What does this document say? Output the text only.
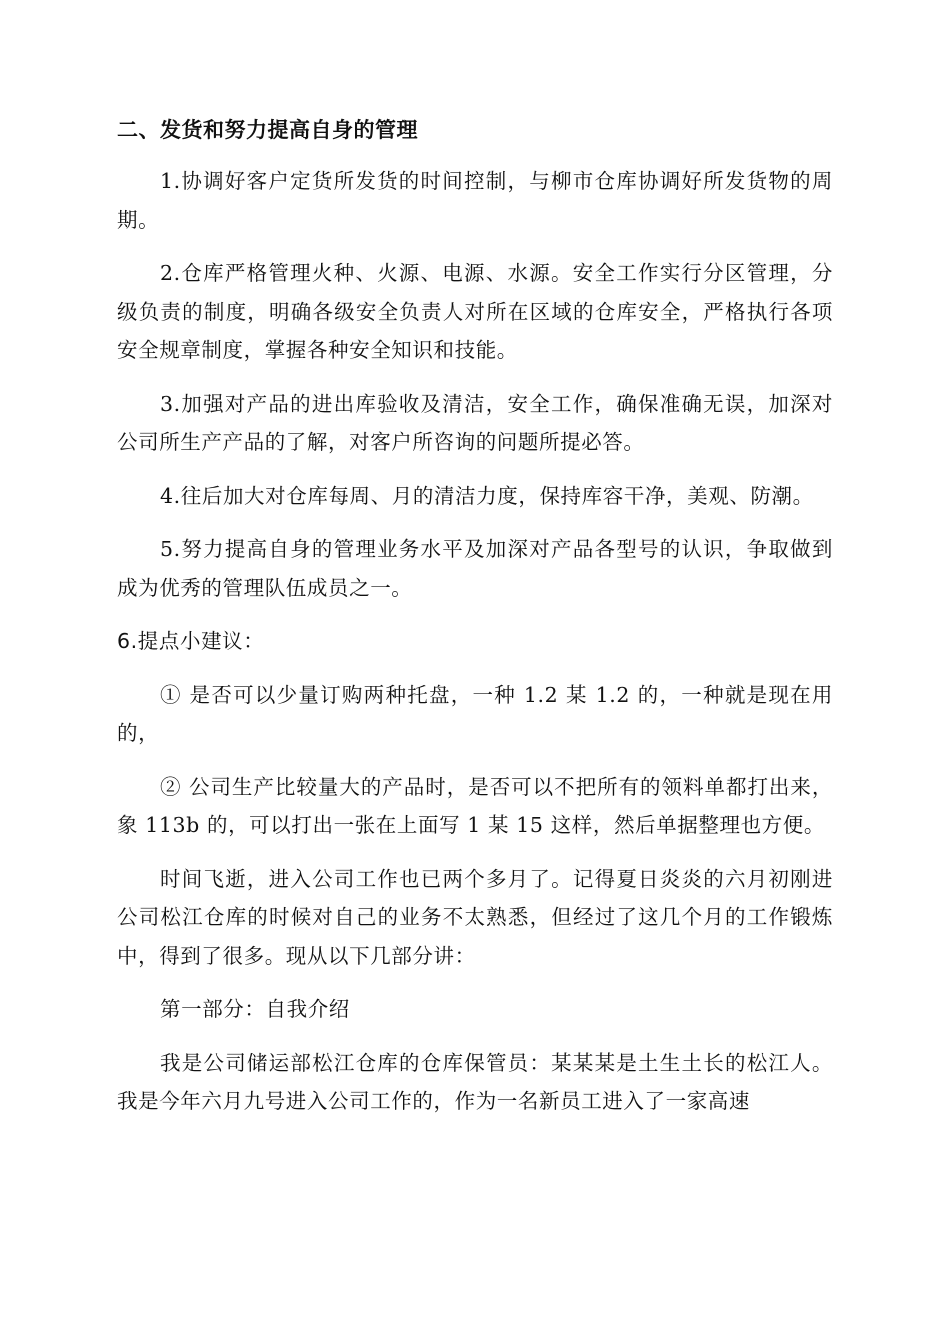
二、发货和努力提高自身的管理

1.协调好客户定货所发货的时间控制，与柳市仓库协调好所发货物的周期。

2.仓库严格管理火种、火源、电源、水源。安全工作实行分区管理，分级负责的制度，明确各级安全负责人对所在区域的仓库安全，严格执行各项安全规章制度，掌握各种安全知识和技能。

3.加强对产品的进出库验收及清洁，安全工作，确保准确无误，加深对公司所生产产品的了解，对客户所咨询的问题所提必答。

4.往后加大对仓库每周、月的清洁力度，保持库容干净，美观、防潮。

5.努力提高自身的管理业务水平及加深对产品各型号的认识，争取做到成为优秀的管理队伍成员之一。

6.提点小建议：

① 是否可以少量订购两种托盘，一种 1.2 某 1.2 的，一种就是现在用的，

② 公司生产比较量大的产品时，是否可以不把所有的领料单都打出来，象 113b 的，可以打出一张在上面写 1 某 15 这样，然后单据整理也方便。

时间飞逝，进入公司工作也已两个多月了。记得夏日炎炎的六月初刚进公司松江仓库的时候对自己的业务不太熟悉，但经过了这几个月的工作锻炼中，得到了很多。现从以下几部分讲：

第一部分：自我介绍

我是公司储运部松江仓库的仓库保管员：某某某是土生土长的松江人。我是今年六月九号进入公司工作的，作为一名新员工进入了一家高速
